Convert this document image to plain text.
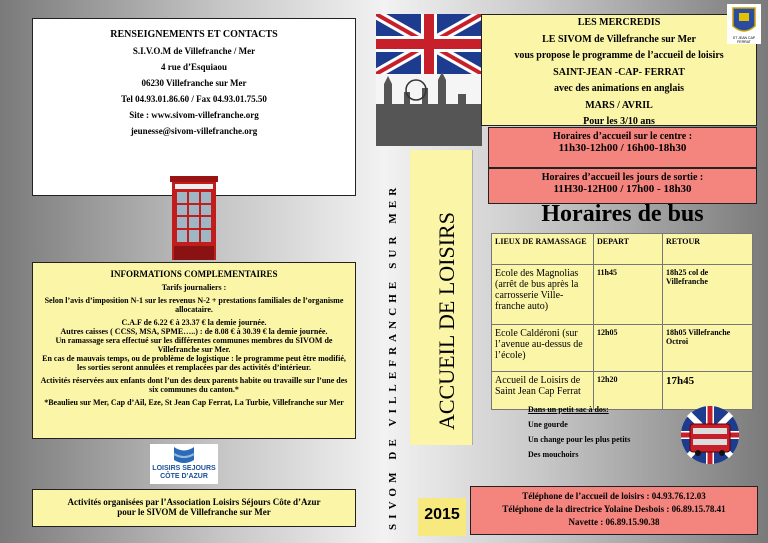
RENSEIGNEMENTS ET CONTACTS
S.I.V.O.M de Villefranche / Mer
4 rue d’Esquiaou
06230 Villefranche sur Mer
Tel 04.93.01.86.60 / Fax 04.93.01.75.50
Site : www.sivom-villefranche.org
jeunesse@sivom-villefranche.org

INFORMATIONS COMPLEMENTAIRES

Tarifs journaliers :

Selon l’avis d’imposition N-1 sur les revenus N-2 + prestations familiales de l’organisme allocataire.

C.A.F de 6.22 € à 23.37 € la demie journée.

Autres caisses ( CCSS, MSA, SPME…..) : de 8.08 € à 30.39 € la demie journée.

Un ramassage sera effectué sur les différentes communes membres du SIVOM de Villefranche sur Mer.

En cas de mauvais temps, ou de problème de logistique : le programme peut être modifié, les sorties seront annulées et remplacées par des activités d’intérieur.

Activités réservées aux enfants dont l’un des deux parents habite ou travaille sur l’une des six communes du canton.*

*Beaulieu sur Mer, Cap d’Ail, Eze, St Jean Cap Ferrat, La Turbie, Villefranche sur Mer

LOISIRS SEJOURS
CÔTE D’AZUR
Activités organisées par l’Association Loisirs Séjours Côte d’Azur
pour le SIVOM de Villefranche sur Mer	SIVOM DE VILLEFRANCHE SUR MER ACCUEIL DE LOISIRS
2015
LES MERCREDIS
LE SIVOM de Villefranche sur Mer
vous propose le programme de l’accueil de loisirs
SAINT-JEAN -CAP- FERRAT
avec des animations en anglais
MARS / AVRIL
Pour les 3/10 ans
ST JEAN CAP FERRAT
Horaires d’accueil sur le centre :
11h30-12h00 / 16h00-18h30
Horaires d’accueil les jours de sortie :
11H30-12H00 / 17h00 - 18h30
Horaires de bus
LIEUX DE RAMASSAGE	DEPART	RETOUR
Ecole des Magnolias (arrêt de bus après la carrosserie Ville-franche auto)	11h45	18h25 col de Villefranche
Ecole Caldéroni (sur l’avenue au-dessus de l’école)	12h05	18h05 Villefranche Octroi
Accueil de Loisirs de Saint Jean Cap Ferrat	12h20	17h45
Dans un petit sac à dos:
Une gourde
Un change pour les plus petits
Des mouchoirs
Téléphone de l’accueil de loisirs : 04.93.76.12.03
Téléphone de la directrice Yolaine Desbois : 06.89.15.78.41
Navette : 06.89.15.90.38
